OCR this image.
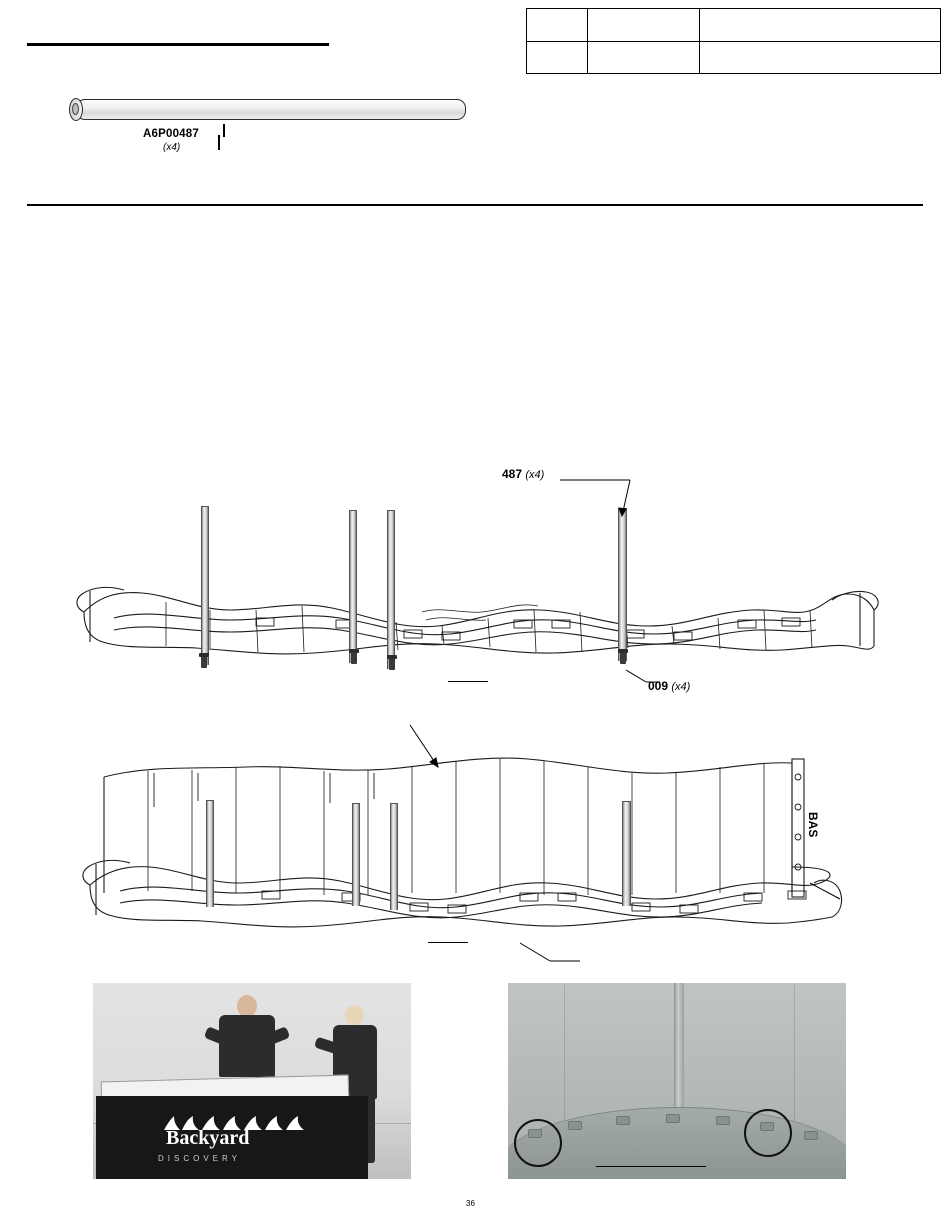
A6P00487
(x4)
487 (x4)
009 (x4)
BAS
Backyard
DISCOVERY
36
